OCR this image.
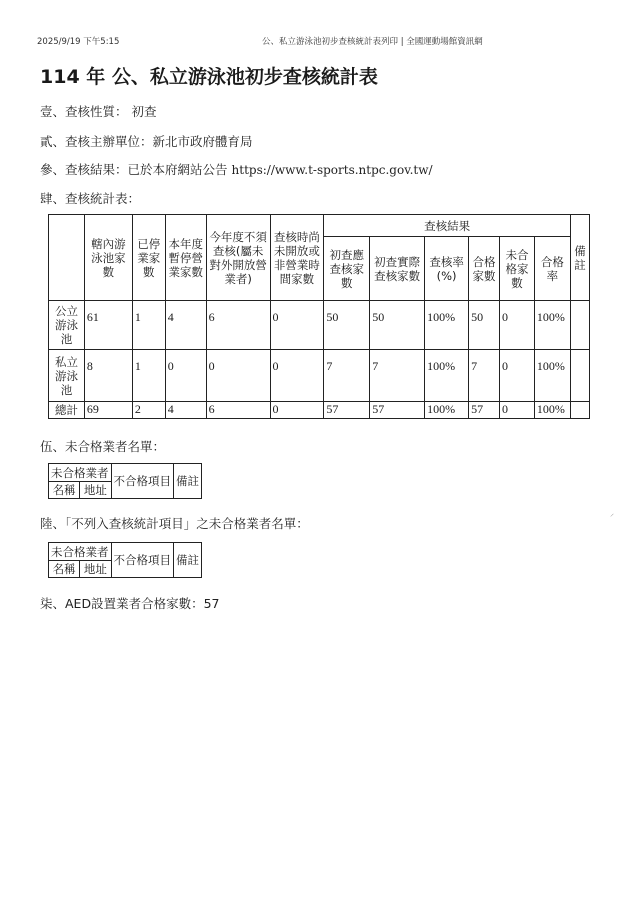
2025/9/19 下午5:15	公、私立游泳池初步查核統計表列印 | 全國運動場館資訊網
114 年 公、私立游泳池初步查核統計表
壹、查核性質： 初查
貳、查核主辦單位：新北市政府體育局
參、查核結果：已於本府網站公告 https://www.t-sports.ntpc.gov.tw/
肆、查核統計表：
	轄內游泳池家數	已停業家數	本年度暫停營業家數	今年度不須查核(屬未對外開放營業者)	查核時尚未開放或非營業時間家數	查核結果						備註
						初查應查核家數	初查實際查核家數	查核率(%)	合格家數	未合格家數	合格率	
公立游泳池	61	1	4	6	0	50	50	100%	50	0	100%	
私立游泳池	8	1	0	0	0	7	7	100%	7	0	100%	
總計	69	2	4	6	0	57	57	100%	57	0	100%	
伍、未合格業者名單：
未合格業者		不合格項目	備註
名稱	地址		
陸、「不列入查核統計項目」之未合格業者名單：
未合格業者		不合格項目	備註
名稱	地址		
柒、AED設置業者合格家數：57
⸝
